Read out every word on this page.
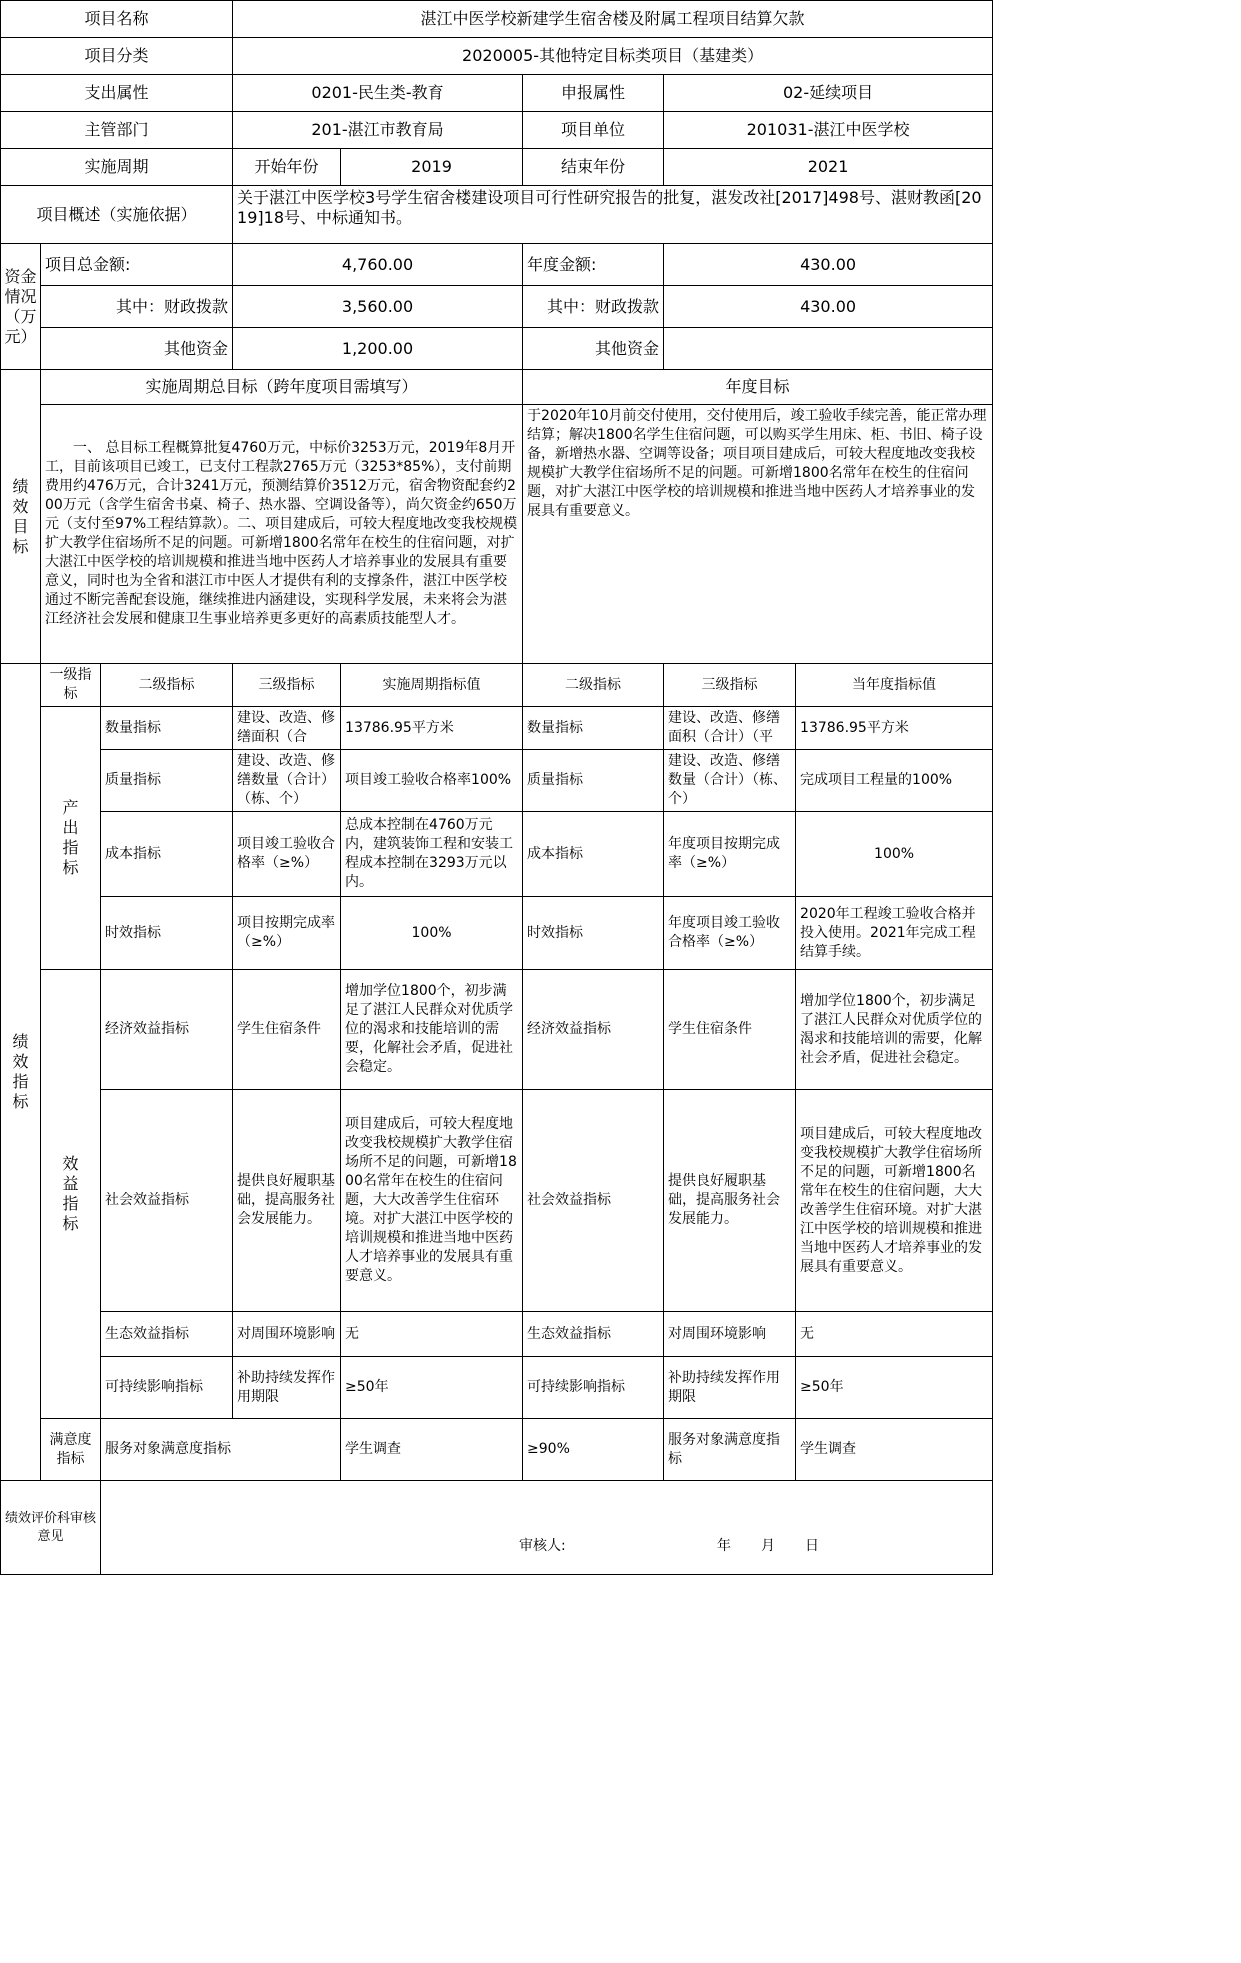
项目名称			湛江中医学校新建学生宿舍楼及附属工程项目结算欠款					
项目分类			2020005-其他特定目标类项目（基建类）					
支出属性			0201-民生类-教育		申报属性	02-延续项目		
主管部门			201-湛江市教育局		项目单位	201031-湛江中医学校		
实施周期			开始年份	2019	结束年份	2021		
项目概述（实施依据）			关于湛江中医学校3号学生宿舍楼建设项目可行性研究报告的批复，湛发改社[2017]498号、湛财教函[2019]18号、中标通知书。					
资金情况（万元）	项目总金额:		4,760.00		年度金额:	430.00		
	其中：财政拨款		3,560.00		其中：财政拨款	430.00		
	其他资金		1,200.00		其他资金			
绩效目标	实施周期总目标（跨年度项目需填写）				年度目标			
	一、 总目标工程概算批复4760万元，中标价3253万元，2019年8月开工，目前该项目已竣工，已支付工程款2765万元（3253*85%），支付前期费用约476万元，合计3241万元，预测结算价3512万元，宿舍物资配套约200万元（含学生宿舍书桌、椅子、热水器、空调设备等），尚欠资金约650万元（支付至97%工程结算款）。二、项目建成后，可较大程度地改变我校规模扩大教学住宿场所不足的问题。可新增1800名常年在校生的住宿问题，对扩大湛江中医学校的培训规模和推进当地中医药人才培养事业的发展具有重要意义，同时也为全省和湛江市中医人才提供有利的支撑条件，湛江中医学校通过不断完善配套设施，继续推进内涵建设，实现科学发展，未来将会为湛江经济社会发展和健康卫生事业培养更多更好的高素质技能型人才。				于2020年10月前交付使用，交付使用后，竣工验收手续完善，能正常办理结算；解决1800名学生住宿问题，可以购买学生用床、柜、书旧、椅子设备，新增热水器、空调等设备；项目项目建成后，可较大程度地改变我校规模扩大教学住宿场所不足的问题。可新增1800名常年在校生的住宿问题，对扩大湛江中医学校的培训规模和推进当地中医药人才培养事业的发展具有重要意义。			
绩效指标	一级指标	二级指标	三级指标	实施周期指标值	二级指标	三级指标	当年度指标值	
	产出指标	数量指标	建设、改造、修缮面积（合	13786.95平方米	数量指标	建设、改造、修缮面积（合计）（平	13786.95平方米	
		质量指标	建设、改造、修缮数量（合计）（栋、个）	项目竣工验收合格率100%	质量指标	建设、改造、修缮数量（合计）（栋、个）	完成项目工程量的100%	
		成本指标	项目竣工验收合格率（≥%）	总成本控制在4760万元内，建筑装饰工程和安装工程成本控制在3293万元以内。	成本指标	年度项目按期完成率（≥%）	100%	
		时效指标	项目按期完成率（≥%）	100%	时效指标	年度项目竣工验收合格率（≥%）	2020年工程竣工验收合格并投入使用。2021年完成工程结算手续。	
	效益指标	经济效益指标	学生住宿条件	增加学位1800个，初步满足了湛江人民群众对优质学位的渴求和技能培训的需要，化解社会矛盾，促进社会稳定。	经济效益指标	学生住宿条件	增加学位1800个，初步满足了湛江人民群众对优质学位的渴求和技能培训的需要，化解社会矛盾，促进社会稳定。	
		社会效益指标	提供良好履职基础，提高服务社会发展能力。	项目建成后，可较大程度地改变我校规模扩大教学住宿场所不足的问题，可新增1800名常年在校生的住宿问题，大大改善学生住宿环境。对扩大湛江中医学校的培训规模和推进当地中医药人才培养事业的发展具有重要意义。	社会效益指标	提供良好履职基础，提高服务社会发展能力。	项目建成后，可较大程度地改变我校规模扩大教学住宿场所不足的问题，可新增1800名常年在校生的住宿问题，大大改善学生住宿环境。对扩大湛江中医学校的培训规模和推进当地中医药人才培养事业的发展具有重要意义。	
		生态效益指标	对周围环境影响	无	生态效益指标	对周围环境影响	无	
		可持续影响指标	补助持续发挥作用期限	≥50年	可持续影响指标	补助持续发挥作用期限	≥50年	
	满意度指标	服务对象满意度指标		学生调查	≥90%	服务对象满意度指标	学生调查	
绩效评价科审核意见		审核人: 年 月 日						
